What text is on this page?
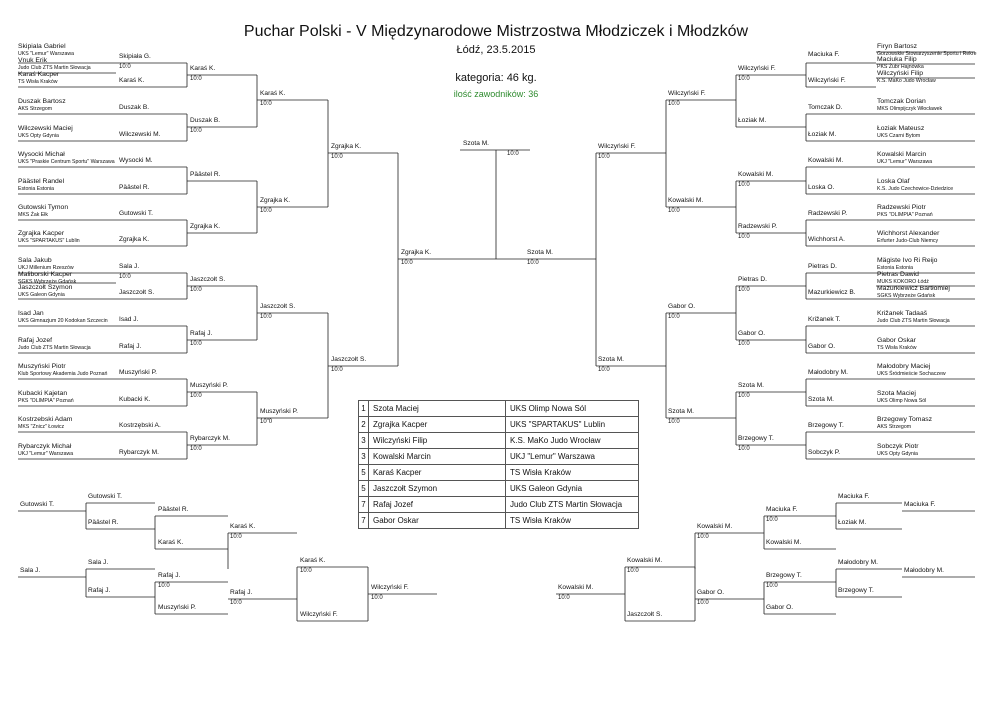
Puchar Polski - V Międzynarodowe Mistrzostwa Młodziczek i Młodzków
Łódź, 23.5.2015
kategoria: 46 kg.
ilość zawodników: 36
Skipiala Gabriel
UKS "Lemur" Warszawa
Vnuk Erik
Judo Club ZTS Martin Słowacja
Karaś Kacper
TS Wisła Kraków
Duszak Bartosz
AKS Strzegom
Wilczewski Maciej
UKS Opty Gdynia
Wysocki Michał
UKS "Praskie Centrum Sportu" Warszawa
Päästel Randel
Estonia Estonia
Gutowski Tymon
MKS Żak Ełk
Zgrajka Kacper
UKS "SPARTAKUS" Lublin
Sala Jakub
UKJ Millenium Rzeszów
Maliborski Kacper
SGKS Wybrzeże Gdańsk
Jaszczołt Szymon
UKS Galeon Gdynia
Isad Jan
UKS Gimnazjum 20 Kodokan Szczecin
Rafaj Jozef
Judo Club ZTS Martin Słowacja
Muszyński Piotr
Klub Sportowy Akademia Judo Poznań
Kubacki Kajetan
PKS "OLIMPIA" Poznań
Kostrzebski Adam
MKS "Znicz" Łowicz
Rybarczyk Michał
UKJ "Lemur" Warszawa
Skipiała G.
10:0
Karaś K.
Duszak B.
Wilczewski M.
Wysocki M.
Päästel R.
Gutowski T.
Zgrajka K.
Sala J.
10:0
Jaszczołt S.
Isad J.
Rafaj J.
Muszyński P.
Kubacki K.
Kostrzębski A.
Rybarczyk M.
Karaś K.
10:0
Duszak B.
10:0
Päästel R.
Zgrajka K.
Jaszczołt S.
10:0
Rafaj J.
10:0
Muszyński P.
10:0
Rybarczyk M.
10:0
Karaś K.
10:0
Zgrajka K.
10:0
Jaszczołt S.
10:0
Muszyński P.
10"0
Zgrajka K.
10:0
Jaszczołt S.
10:0
Zgrajka K.
10:0
Szota M.
10:0
Szota M.
10:0
Firyn Bartosz
Gorzowskie Stowarzyszenie Sportu i Rekre
Maciuka Filip
PKS Żubr Hajnówka
Wilczyński Filip
K.S. MaKo Judo Wrocław
Tomczak Dorian
MKS Olimpijczyk Włocławek
Łoziak Mateusz
UKS Czarni Bytom
Kowalski Marcin
UKJ "Lemur" Warszawa
Loska Olaf
K.S. Judo Czechowice-Dziedzice
Radzewski Piotr
PKS "OLIMPIA" Poznań
Wichhorst Alexander
Erfurter Judo-Club Niemcy
Mägiste Ivo Ri Reijo
Estonia Estonia
Pietras Dawid
MUKS KOKORO Łódź
Mazurkiewicz Bartłomiej
SGKS Wybrzeże Gdańsk
Križanek Tadaaš
Judo Club ZTS Martin Słowacja
Gabor Oskar
TS Wisła Kraków
Małodobry Maciej
UKS Śródmieście Sochaczew
Szota Maciej
UKS Olimp Nowa Sól
Brzegowy Tomasz
AKS Strzegom
Sobczyk Piotr
UKS Opty Gdynia
Maciuka F.
Wilczyński F.
Tomczak D.
Łoziak M.
Kowalski M.
Loska O.
Radzewski P.
Wichhorst A.
Pietras D.
Mazurkiewicz B.
Križanek T.
Gabor O.
Małodobry M.
Szota M.
Brzegowy T.
Sobczyk P.
Wilczyński F.
10:0
Łoziak M.
Kowalski M.
10:0
Radzewski P.
10:0
Pietras D.
10:0
Gabor O.
10:0
Szota M.
10:0
Brzegowy T.
10:0
Wilczyński F.
10:0
Kowalski M.
10:0
Gabor O.
10:0
Szota M.
10:0
Wilczyński F.
10:0
Szota M.
10:0
1	Szota Maciej	UKS Olimp Nowa Sól
2	Zgrajka Kacper	UKS "SPARTAKUS" Lublin
3	Wilczyński Filip	K.S. MaKo Judo Wrocław
3	Kowalski Marcin	UKJ "Lemur" Warszawa
5	Karaś Kacper	TS Wisła Kraków
5	Jaszczołt Szymon	UKS Galeon Gdynia
7	Rafaj Jozef	Judo Club ZTS Martin Słowacja
7	Gabor Oskar	TS Wisła Kraków
Gutowski T.
Gutowski T.
Päästel R.
Päästel R.
Karaś K.
Karaś K.
10:0
Sala J.
Sala J.
Rafaj J.
Rafaj J.
10:0
Muszyński P.
Rafaj J.
10:0
Karaś K.
10:0
Wilczyński F.
Wilczyński F.
10:0
Maciuka F.
Maciuka F.
Łoziak M.
Maciuka F.
10:0
Kowalski M.
Kowalski M.
10:0
Małodobry M.
Małodobry M.
Brzegowy T.
Brzegowy T.
10:0
Gabor O.
Gabor O.
10:0
Kowalski M.
10:0
Jaszczołt S.
Kowalski M.
10:0
